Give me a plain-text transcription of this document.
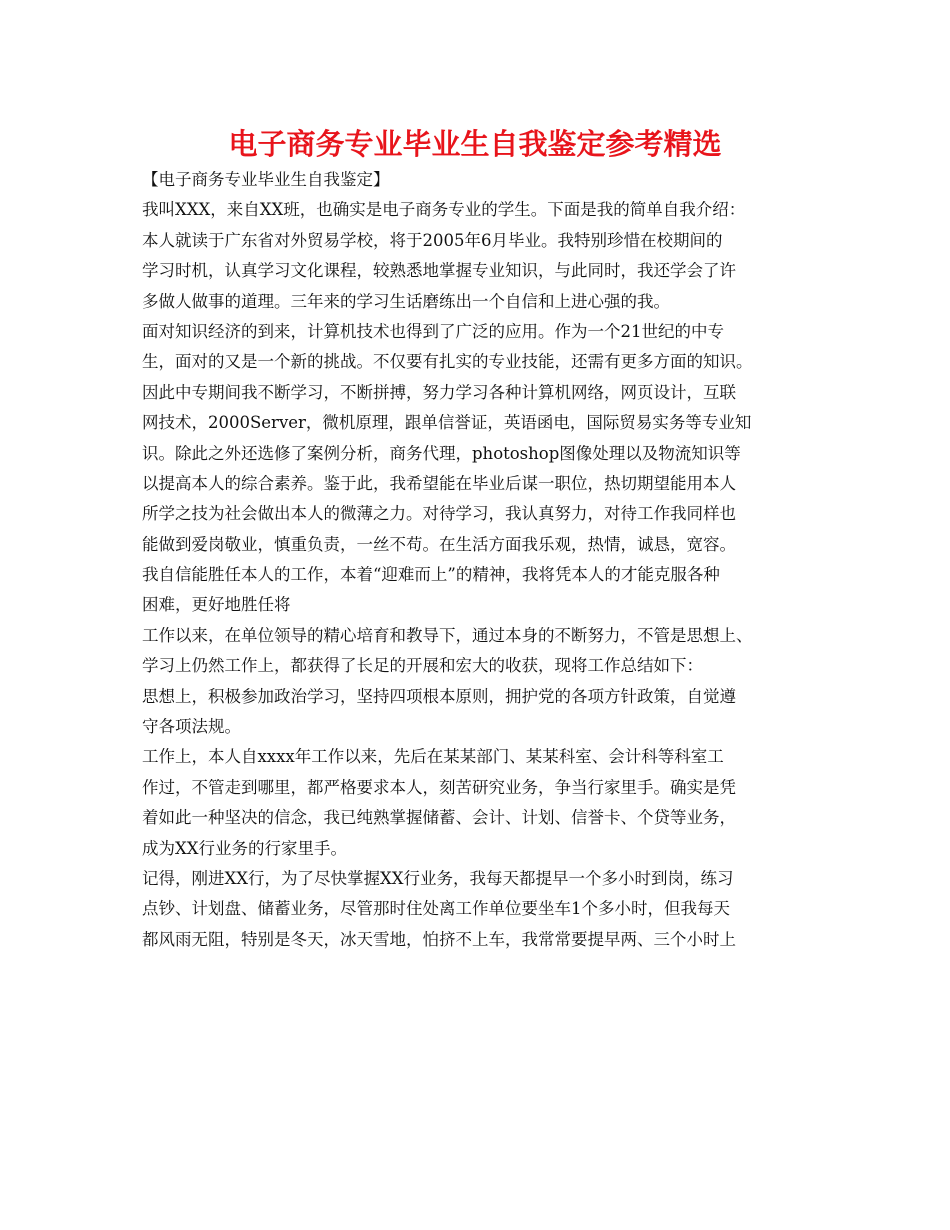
电子商务专业毕业生自我鉴定参考精选

【电子商务专业毕业生自我鉴定】

我叫XXX，来自XX班，也确实是电子商务专业的学生。下面是我的简单自我介绍：

本人就读于广东省对外贸易学校，将于2005年6月毕业。我特别珍惜在校期间的

学习时机，认真学习文化课程，较熟悉地掌握专业知识，与此同时，我还学会了许

多做人做事的道理。三年来的学习生话磨练出一个自信和上进心强的我。

面对知识经济的到来，计算机技术也得到了广泛的应用。作为一个21世纪的中专

生，面对的又是一个新的挑战。不仅要有扎实的专业技能，还需有更多方面的知识。

因此中专期间我不断学习，不断拼搏，努力学习各种计算机网络，网页设计，互联

网技术，2000Server，微机原理，跟单信誉证，英语函电，国际贸易实务等专业知

识。除此之外还选修了案例分析，商务代理，photoshop图像处理以及物流知识等

以提高本人的综合素养。鉴于此，我希望能在毕业后谋一职位，热切期望能用本人

所学之技为社会做出本人的微薄之力。对待学习，我认真努力，对待工作我同样也

能做到爱岗敬业，慎重负责，一丝不苟。在生活方面我乐观，热情，诚恳，宽容。

我自信能胜任本人的工作，本着“迎难而上”的精神，我将凭本人的才能克服各种

困难，更好地胜任将

工作以来，在单位领导的精心培育和教导下，通过本身的不断努力，不管是思想上、

学习上仍然工作上，都获得了长足的开展和宏大的收获，现将工作总结如下：

思想上，积极参加政治学习，坚持四项根本原则，拥护党的各项方针政策，自觉遵

守各项法规。

工作上，本人自xxxx年工作以来，先后在某某部门、某某科室、会计科等科室工

作过，不管走到哪里，都严格要求本人，刻苦研究业务，争当行家里手。确实是凭

着如此一种坚决的信念，我已纯熟掌握储蓄、会计、计划、信誉卡、个贷等业务，

成为XX行业务的行家里手。

记得，刚进XX行，为了尽快掌握XX行业务，我每天都提早一个多小时到岗，练习

点钞、计划盘、储蓄业务，尽管那时住处离工作单位要坐车1个多小时，但我每天

都风雨无阻，特别是冬天，冰天雪地，怕挤不上车，我常常要提早两、三个小时上
